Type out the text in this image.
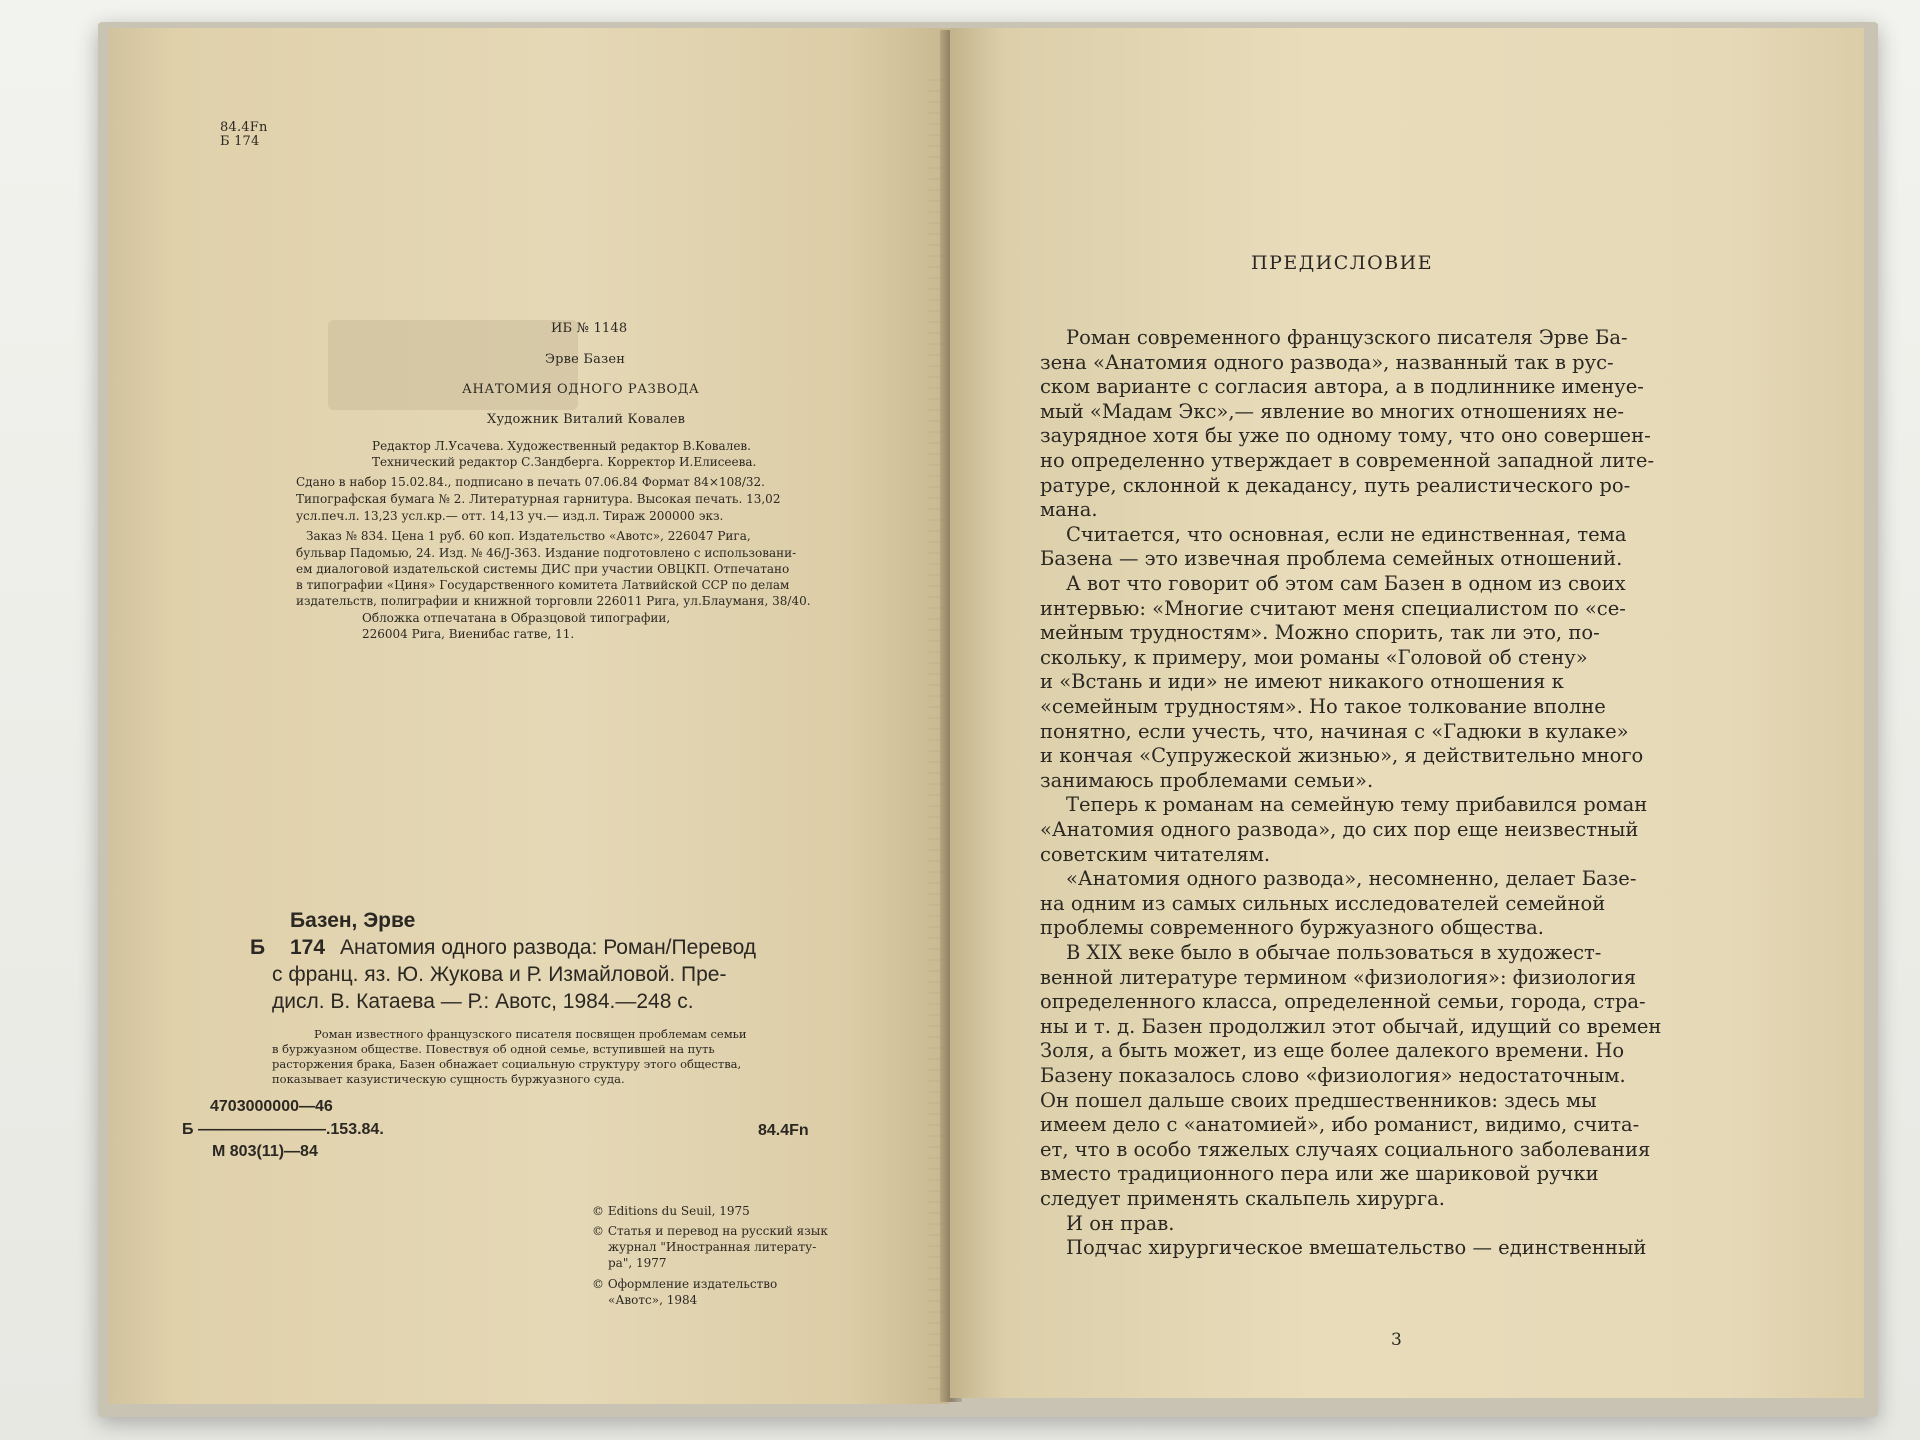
84.4Fn

Б 174

ИБ № 1148

Эрве Базен

АНАТОМИЯ ОДНОГО РАЗВОДА

Художник Виталий Ковалев

Редактор Л.Усачева. Художественный редактор В.Ковалев.

Технический редактор С.Зандберга. Корректор И.Елисеева.

Сдано в набор 15.02.84., подписано в печать 07.06.84 Формат 84×108/32.

Типографская бумага № 2. Литературная гарнитура. Высокая печать. 13,02

усл.печ.л. 13,23 усл.кр.— отт. 14,13 уч.— изд.л. Тираж 200000 экз.

Заказ № 834. Цена 1 руб. 60 коп. Издательство «Авотс», 226047 Рига,

бульвар Падомью, 24. Изд. № 46/J-363. Издание подготовлено с использовани-

ем диалоговой издательской системы ДИС при участии ОВЦКП. Отпечатано

в типографии «Циня» Государственного комитета Латвийской ССР по делам

издательств, полиграфии и книжной торговли 226011 Рига, ул.Блауманя, 38/40.

Обложка отпечатана в Образцовой типографии,

226004 Рига, Виенибас гатве, 11.

Базен, Эрве

Б 174 Анатомия одного развода: Роман/Перевод

с франц. яз. Ю. Жукова и Р. Измайловой. Пре-

дисл. В. Катаева — Р.: Авотс, 1984.—248 с.

Роман известного французского писателя посвящен проблемам семьи

в буржуазном обществе. Повествуя об одной семье, вступившей на путь

расторжения брака, Базен обнажает социальную структуру этого общества,

показывает казуистическую сущность буржуазного суда.

4703000000—46

Б ————————.153.84.

М 803(11)—84

84.4Fn

© Editions du Seuil, 1975

© Статья и перевод на русский язык

журнал "Иностранная литерату-

ра", 1977

© Оформление издательство

«Авотс», 1984

ПРЕДИСЛОВИЕ

Роман современного французского писателя Эрве Ба-

зена «Анатомия одного развода», названный так в рус-

ском варианте с согласия автора, а в подлиннике именуе-

мый «Мадам Экс»,— явление во многих отношениях не-

заурядное хотя бы уже по одному тому, что оно совершен-

но определенно утверждает в современной западной лите-

ратуре, склонной к декадансу, путь реалистического ро-

мана.

Считается, что основная, если не единственная, тема

Базена — это извечная проблема семейных отношений.

А вот что говорит об этом сам Базен в одном из своих

интервью: «Многие считают меня специалистом по «се-

мейным трудностям». Можно спорить, так ли это, по-

скольку, к примеру, мои романы «Головой об стену»

и «Встань и иди» не имеют никакого отношения к

«семейным трудностям». Но такое толкование вполне

понятно, если учесть, что, начиная с «Гадюки в кулаке»

и кончая «Супружеской жизнью», я действительно много

занимаюсь проблемами семьи».

Теперь к романам на семейную тему прибавился роман

«Анатомия одного развода», до сих пор еще неизвестный

советским читателям.

«Анатомия одного развода», несомненно, делает Базе-

на одним из самых сильных исследователей семейной

проблемы современного буржуазного общества.

В XIX веке было в обычае пользоваться в художест-

венной литературе термином «физиология»: физиология

определенного класса, определенной семьи, города, стра-

ны и т. д. Базен продолжил этот обычай, идущий со времен

Золя, а быть может, из еще более далекого времени. Но

Базену показалось слово «физиология» недостаточным.

Он пошел дальше своих предшественников: здесь мы

имеем дело с «анатомией», ибо романист, видимо, счита-

ет, что в особо тяжелых случаях социального заболевания

вместо традиционного пера или же шариковой ручки

следует применять скальпель хирурга.

И он прав.

Подчас хирургическое вмешательство — единственный

3
